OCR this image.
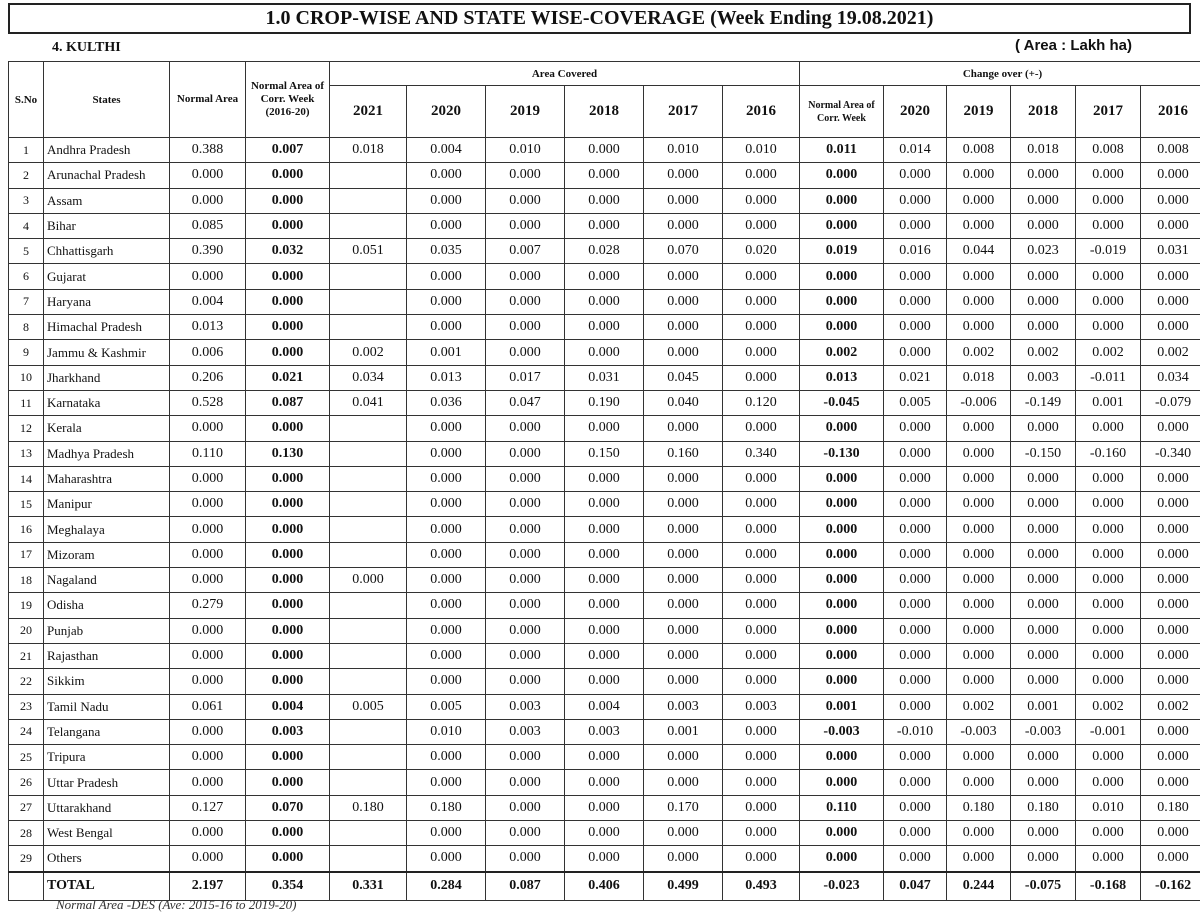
1.0 CROP-WISE AND STATE WISE-COVERAGE (Week Ending 19.08.2021)
4. KULTHI	( Area : Lakh ha)
S.No	States	Normal Area	Normal Area of Corr. Week (2016-20)	Area Covered						Change over (+-)					
				2021	2020	2019	2018	2017	2016	Normal Area of Corr. Week	2020	2019	2018	2017	2016
1	Andhra Pradesh	0.388	0.007	0.018	0.004	0.010	0.000	0.010	0.010	0.011	0.014	0.008	0.018	0.008	0.008
2	Arunachal Pradesh	0.000	0.000		0.000	0.000	0.000	0.000	0.000	0.000	0.000	0.000	0.000	0.000	0.000
3	Assam	0.000	0.000		0.000	0.000	0.000	0.000	0.000	0.000	0.000	0.000	0.000	0.000	0.000
4	Bihar	0.085	0.000		0.000	0.000	0.000	0.000	0.000	0.000	0.000	0.000	0.000	0.000	0.000
5	Chhattisgarh	0.390	0.032	0.051	0.035	0.007	0.028	0.070	0.020	0.019	0.016	0.044	0.023	-0.019	0.031
6	Gujarat	0.000	0.000		0.000	0.000	0.000	0.000	0.000	0.000	0.000	0.000	0.000	0.000	0.000
7	Haryana	0.004	0.000		0.000	0.000	0.000	0.000	0.000	0.000	0.000	0.000	0.000	0.000	0.000
8	Himachal Pradesh	0.013	0.000		0.000	0.000	0.000	0.000	0.000	0.000	0.000	0.000	0.000	0.000	0.000
9	Jammu & Kashmir	0.006	0.000	0.002	0.001	0.000	0.000	0.000	0.000	0.002	0.000	0.002	0.002	0.002	0.002
10	Jharkhand	0.206	0.021	0.034	0.013	0.017	0.031	0.045	0.000	0.013	0.021	0.018	0.003	-0.011	0.034
11	Karnataka	0.528	0.087	0.041	0.036	0.047	0.190	0.040	0.120	-0.045	0.005	-0.006	-0.149	0.001	-0.079
12	Kerala	0.000	0.000		0.000	0.000	0.000	0.000	0.000	0.000	0.000	0.000	0.000	0.000	0.000
13	Madhya Pradesh	0.110	0.130		0.000	0.000	0.150	0.160	0.340	-0.130	0.000	0.000	-0.150	-0.160	-0.340
14	Maharashtra	0.000	0.000		0.000	0.000	0.000	0.000	0.000	0.000	0.000	0.000	0.000	0.000	0.000
15	Manipur	0.000	0.000		0.000	0.000	0.000	0.000	0.000	0.000	0.000	0.000	0.000	0.000	0.000
16	Meghalaya	0.000	0.000		0.000	0.000	0.000	0.000	0.000	0.000	0.000	0.000	0.000	0.000	0.000
17	Mizoram	0.000	0.000		0.000	0.000	0.000	0.000	0.000	0.000	0.000	0.000	0.000	0.000	0.000
18	Nagaland	0.000	0.000	0.000	0.000	0.000	0.000	0.000	0.000	0.000	0.000	0.000	0.000	0.000	0.000
19	Odisha	0.279	0.000		0.000	0.000	0.000	0.000	0.000	0.000	0.000	0.000	0.000	0.000	0.000
20	Punjab	0.000	0.000		0.000	0.000	0.000	0.000	0.000	0.000	0.000	0.000	0.000	0.000	0.000
21	Rajasthan	0.000	0.000		0.000	0.000	0.000	0.000	0.000	0.000	0.000	0.000	0.000	0.000	0.000
22	Sikkim	0.000	0.000		0.000	0.000	0.000	0.000	0.000	0.000	0.000	0.000	0.000	0.000	0.000
23	Tamil Nadu	0.061	0.004	0.005	0.005	0.003	0.004	0.003	0.003	0.001	0.000	0.002	0.001	0.002	0.002
24	Telangana	0.000	0.003		0.010	0.003	0.003	0.001	0.000	-0.003	-0.010	-0.003	-0.003	-0.001	0.000
25	Tripura	0.000	0.000		0.000	0.000	0.000	0.000	0.000	0.000	0.000	0.000	0.000	0.000	0.000
26	Uttar Pradesh	0.000	0.000		0.000	0.000	0.000	0.000	0.000	0.000	0.000	0.000	0.000	0.000	0.000
27	Uttarakhand	0.127	0.070	0.180	0.180	0.000	0.000	0.170	0.000	0.110	0.000	0.180	0.180	0.010	0.180
28	West Bengal	0.000	0.000		0.000	0.000	0.000	0.000	0.000	0.000	0.000	0.000	0.000	0.000	0.000
29	Others	0.000	0.000		0.000	0.000	0.000	0.000	0.000	0.000	0.000	0.000	0.000	0.000	0.000
	TOTAL	2.197	0.354	0.331	0.284	0.087	0.406	0.499	0.493	-0.023	0.047	0.244	-0.075	-0.168	-0.162
Normal Area -DES (Ave: 2015-16 to 2019-20)
